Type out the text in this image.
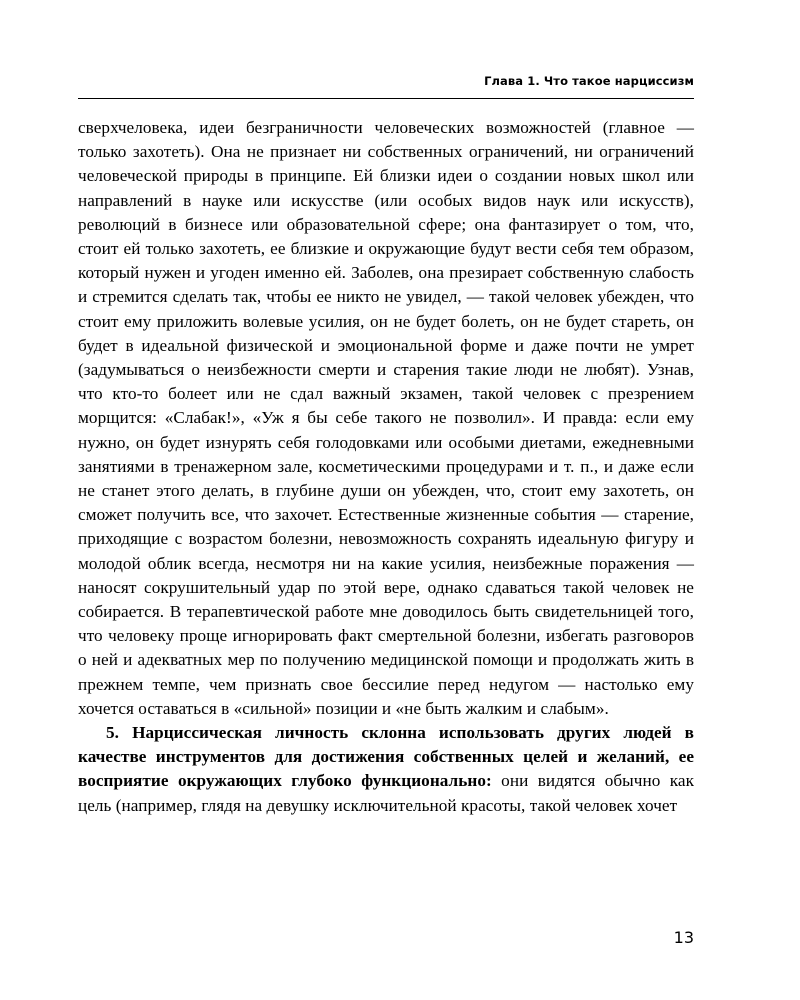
Глава 1. Что такое нарциссизм

сверхчеловека, идеи безграничности человеческих возможностей (главное — только захотеть). Она не признает ни собственных ограничений, ни ограничений человеческой природы в принципе. Ей близки идеи о создании новых школ или направлений в науке или искусстве (или особых видов наук или искусств), революций в бизнесе или образовательной сфере; она фантазирует о том, что, стоит ей только захотеть, ее близкие и окружающие будут вести себя тем образом, который нужен и угоден именно ей. Заболев, она презирает собственную слабость и стремится сделать так, чтобы ее никто не увидел, — такой человек убежден, что стоит ему приложить волевые усилия, он не будет болеть, он не будет стареть, он будет в идеальной физической и эмоциональной форме и даже почти не умрет (задумываться о неизбежности смерти и старения такие люди не любят). Узнав, что кто-то болеет или не сдал важный экзамен, такой человек с презрением морщится: «Слабак!», «Уж я бы себе такого не позволил». И правда: если ему нужно, он будет изнурять себя голодовками или особыми диетами, ежедневными занятиями в тренажерном зале, косметическими процедурами и т. п., и даже если не станет этого делать, в глубине души он убежден, что, стоит ему захотеть, он сможет получить все, что захочет. Естественные жизненные события — старение, приходящие с возрастом болезни, невозможность сохранять идеальную фигуру и молодой облик всегда, несмотря ни на какие усилия, неизбежные поражения — наносят сокрушительный удар по этой вере, однако сдаваться такой человек не собирается. В терапевтической работе мне доводилось быть свидетельницей того, что человеку проще игнорировать факт смертельной болезни, избегать разговоров о ней и адекватных мер по получению медицинской помощи и продолжать жить в прежнем темпе, чем признать свое бессилие перед недугом — настолько ему хочется оставаться в «сильной» позиции и «не быть жалким и слабым».

5. Нарциссическая личность склонна использовать других людей в качестве инструментов для достижения собственных целей и желаний, ее восприятие окружающих глубоко функционально: они видятся обычно как цель (например, глядя на девушку исключительной красоты, такой человек хочет

13
